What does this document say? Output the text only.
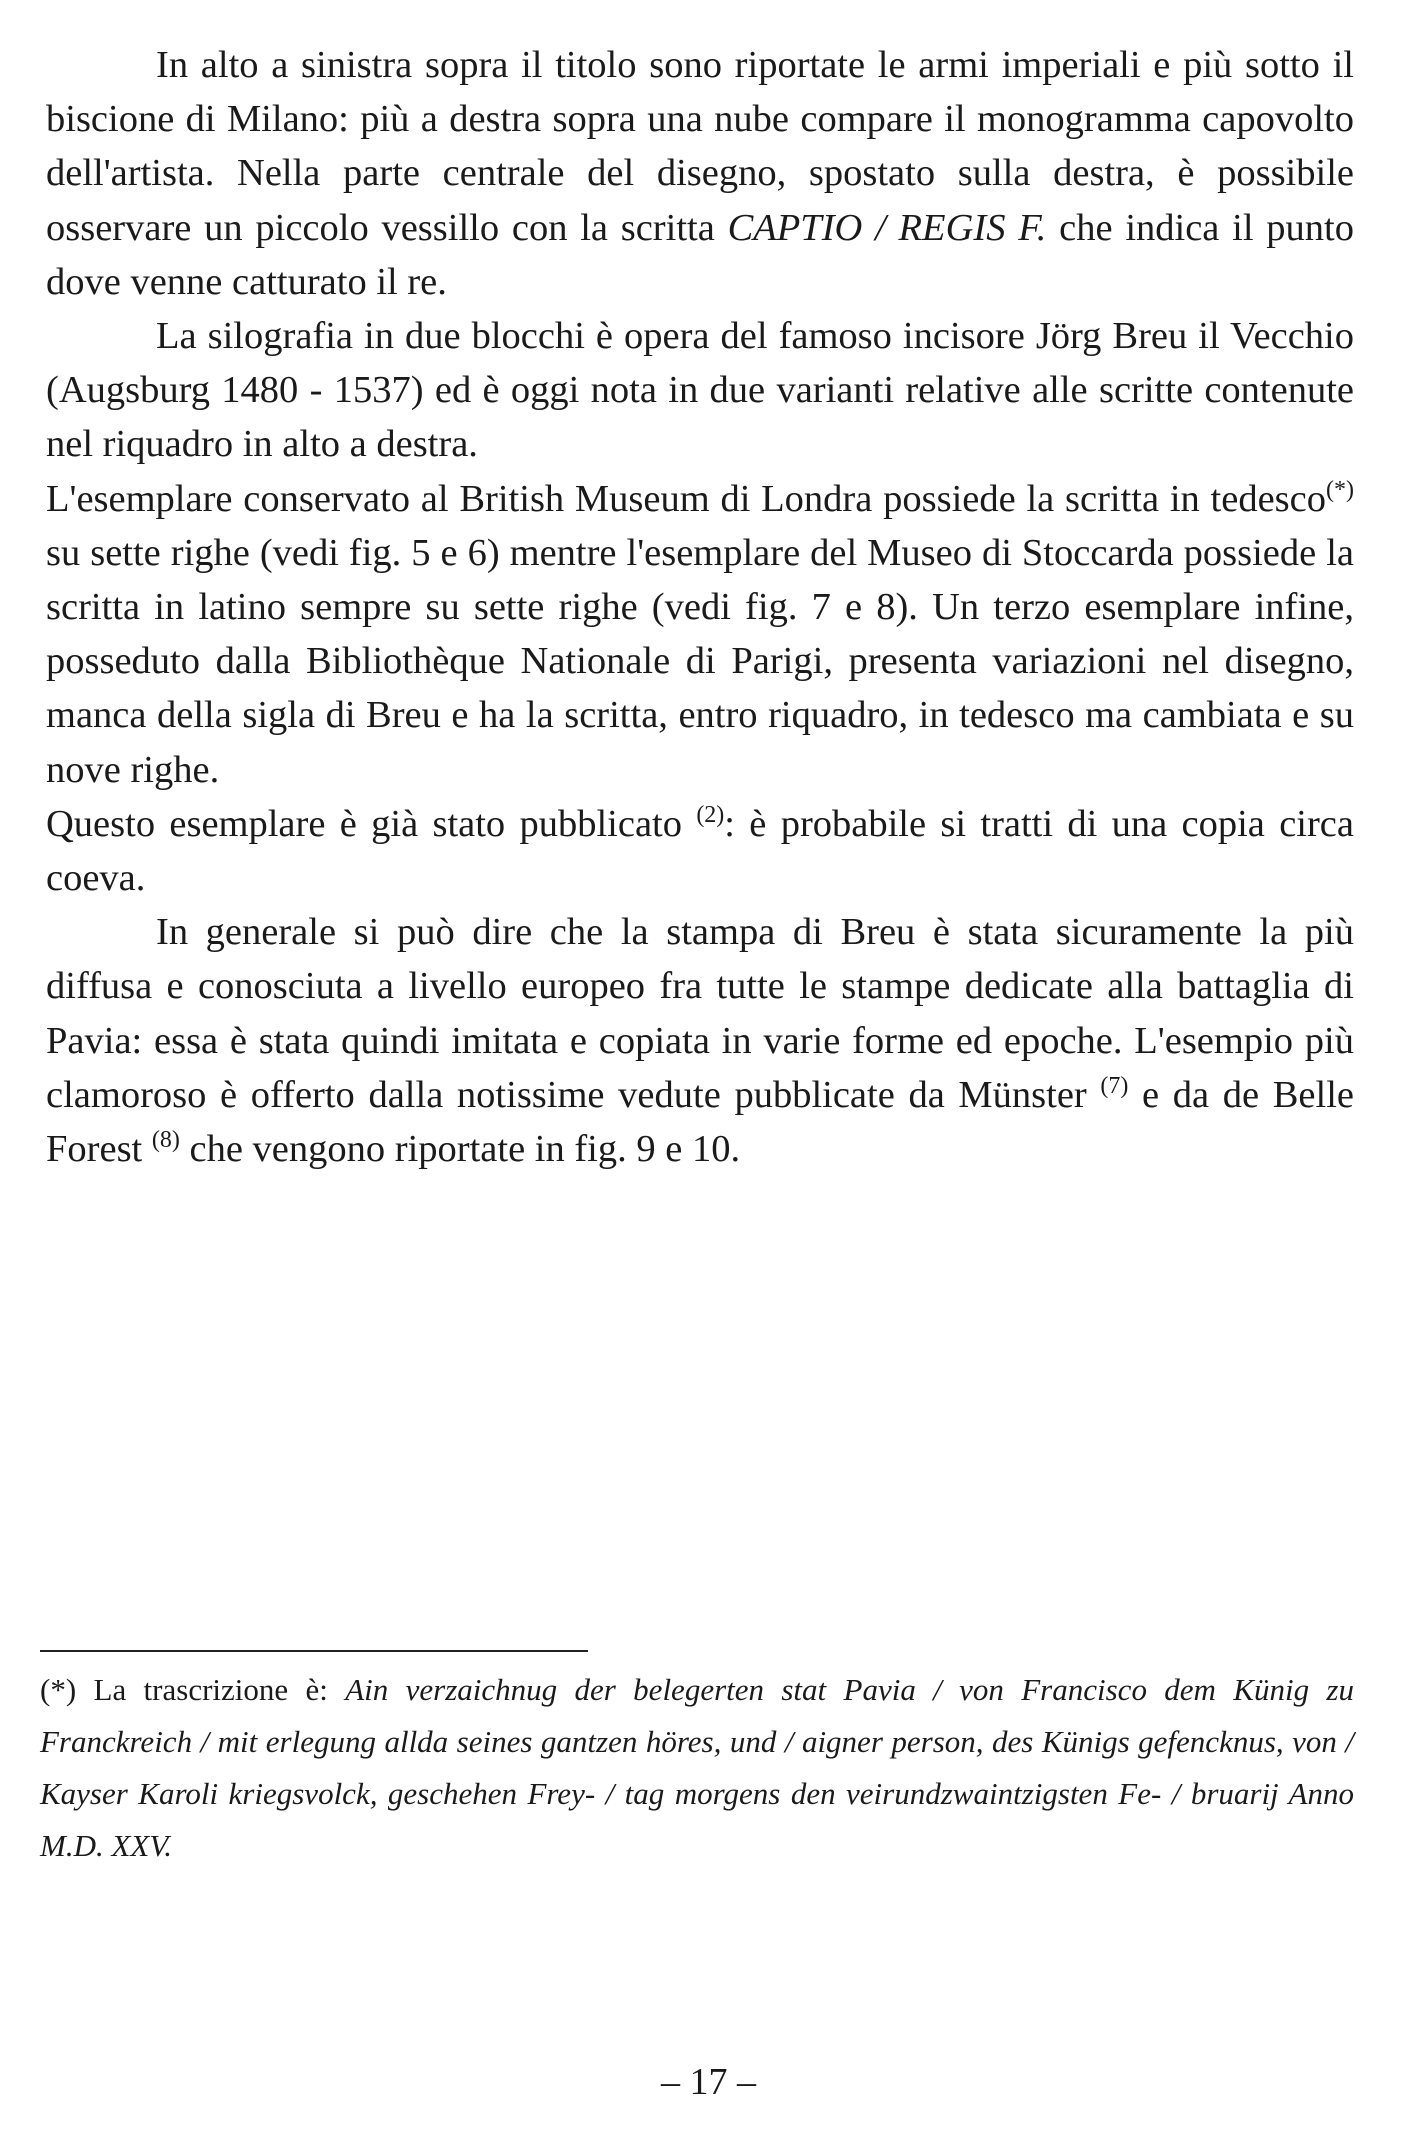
In alto a sinistra sopra il titolo sono riportate le armi imperiali e più sotto il biscione di Milano: più a destra sopra una nube compare il monogramma capovolto dell'artista. Nella parte centrale del disegno, spostato sulla destra, è possibile osservare un piccolo vessillo con la scritta CAPTIO / REGIS F. che indica il punto dove venne catturato il re.

La silografia in due blocchi è opera del famoso incisore Jörg Breu il Vecchio (Augsburg 1480 - 1537) ed è oggi nota in due varianti relative alle scritte contenute nel riquadro in alto a destra.

L'esemplare conservato al British Museum di Londra possiede la scritta in tedesco(*) su sette righe (vedi fig. 5 e 6) mentre l'esemplare del Museo di Stoccarda possiede la scritta in latino sempre su sette righe (vedi fig. 7 e 8). Un terzo esemplare infine, posseduto dalla Bibliothèque Nationale di Parigi, presenta variazioni nel disegno, manca della sigla di Breu e ha la scritta, entro riquadro, in tedesco ma cambiata e su nove righe.

Questo esemplare è già stato pubblicato $^{(2)}$: è probabile si tratti di una copia circa coeva.

In generale si può dire che la stampa di Breu è stata sicuramente la più diffusa e conosciuta a livello europeo fra tutte le stampe dedicate alla battaglia di Pavia: essa è stata quindi imitata e copiata in varie forme ed epoche. L'esempio più clamoroso è offerto dalla notissime vedute pubblicate da Münster $^{(7)}$ e da de Belle Forest $^{(8)}$ che vengono riportate in fig. 9 e 10.

(*) La trascrizione è: Ain verzaichnug der belegerten stat Pavia / von Francisco dem Künig zu Franckreich / mit erlegung allda seines gantzen höres, und / aigner person, des Künigs gefencknus, von / Kayser Karoli kriegsvolck, geschehen Frey- / tag morgens den veirundzwaintzigsten Fe- / bruarij Anno M.D. XXV.
– 17 –
